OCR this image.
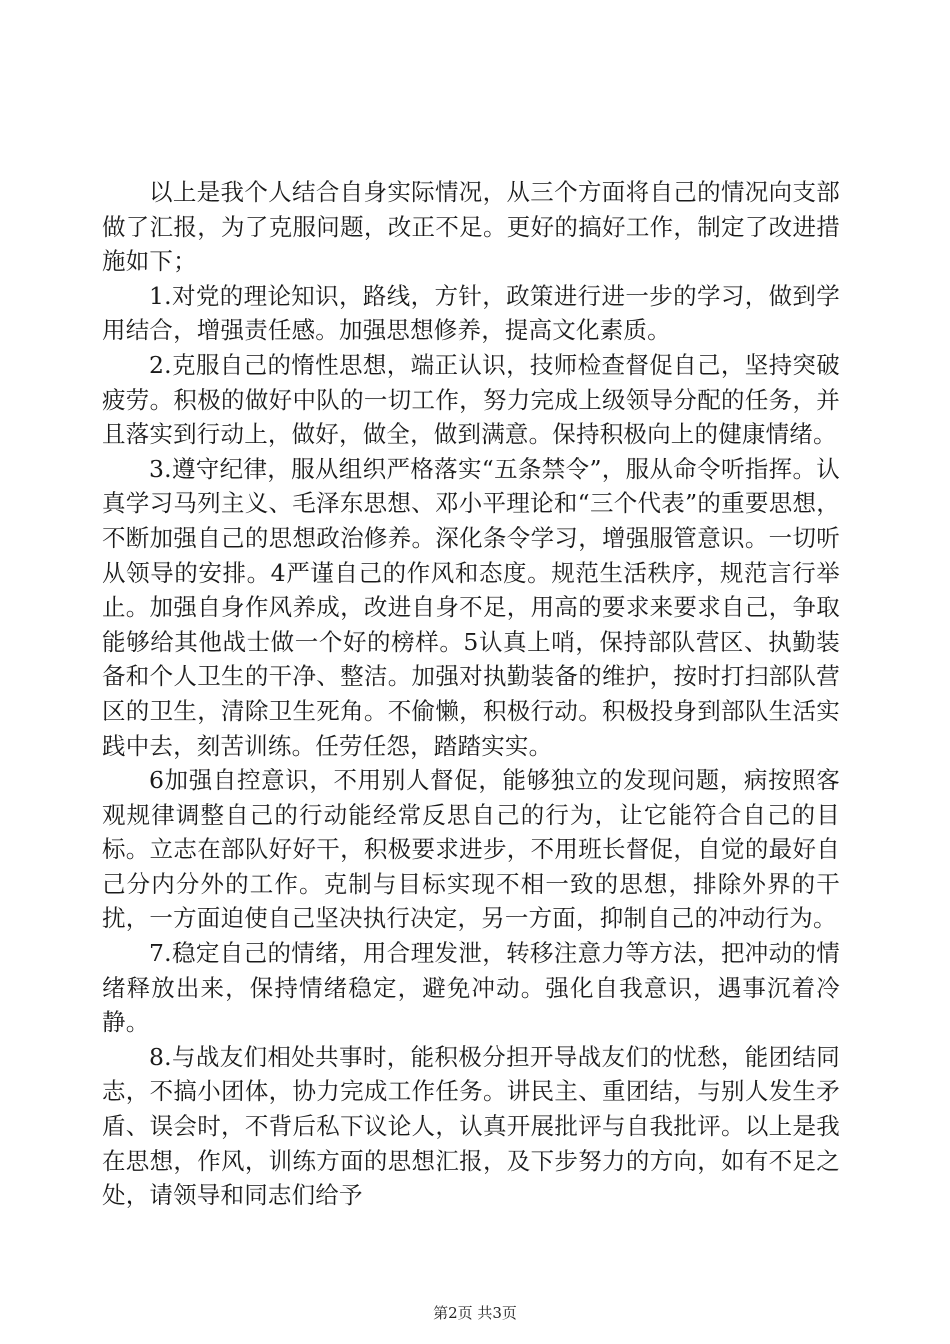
以上是我个人结合自身实际情况，从三个方面将自己的情况向支部做了汇报，为了克服问题，改正不足。更好的搞好工作，制定了改进措施如下；

1.对党的理论知识，路线，方针，政策进行进一步的学习，做到学用结合，增强责任感。加强思想修养，提高文化素质。

2.克服自己的惰性思想，端正认识，技师检查督促自己，坚持突破疲劳。积极的做好中队的一切工作，努力完成上级领导分配的任务，并且落实到行动上，做好，做全，做到满意。保持积极向上的健康情绪。

3.遵守纪律，服从组织严格落实“五条禁令”，服从命令听指挥。认真学习马列主义、毛泽东思想、邓小平理论和“三个代表”的重要思想，不断加强自己的思想政治修养。深化条令学习，增强服管意识。一切听从领导的安排。4严谨自己的作风和态度。规范生活秩序，规范言行举止。加强自身作风养成，改进自身不足，用高的要求来要求自己，争取能够给其他战士做一个好的榜样。5认真上哨，保持部队营区、执勤装备和个人卫生的干净、整洁。加强对执勤装备的维护，按时打扫部队营区的卫生，清除卫生死角。不偷懒，积极行动。积极投身到部队生活实践中去，刻苦训练。任劳任怨，踏踏实实。

6加强自控意识，不用别人督促，能够独立的发现问题，病按照客观规律调整自己的行动能经常反思自己的行为，让它能符合自己的目标。立志在部队好好干，积极要求进步，不用班长督促，自觉的最好自己分内分外的工作。克制与目标实现不相一致的思想，排除外界的干扰，一方面迫使自己坚决执行决定，另一方面，抑制自己的冲动行为。

7.稳定自己的情绪，用合理发泄，转移注意力等方法，把冲动的情绪释放出来，保持情绪稳定，避免冲动。强化自我意识，遇事沉着冷静。

8.与战友们相处共事时，能积极分担开导战友们的忧愁，能团结同志，不搞小团体，协力完成工作任务。讲民主、重团结，与别人发生矛盾、误会时，不背后私下议论人，认真开展批评与自我批评。以上是我在思想，作风，训练方面的思想汇报，及下步努力的方向，如有不足之处，请领导和同志们给予

第2页 共3页
